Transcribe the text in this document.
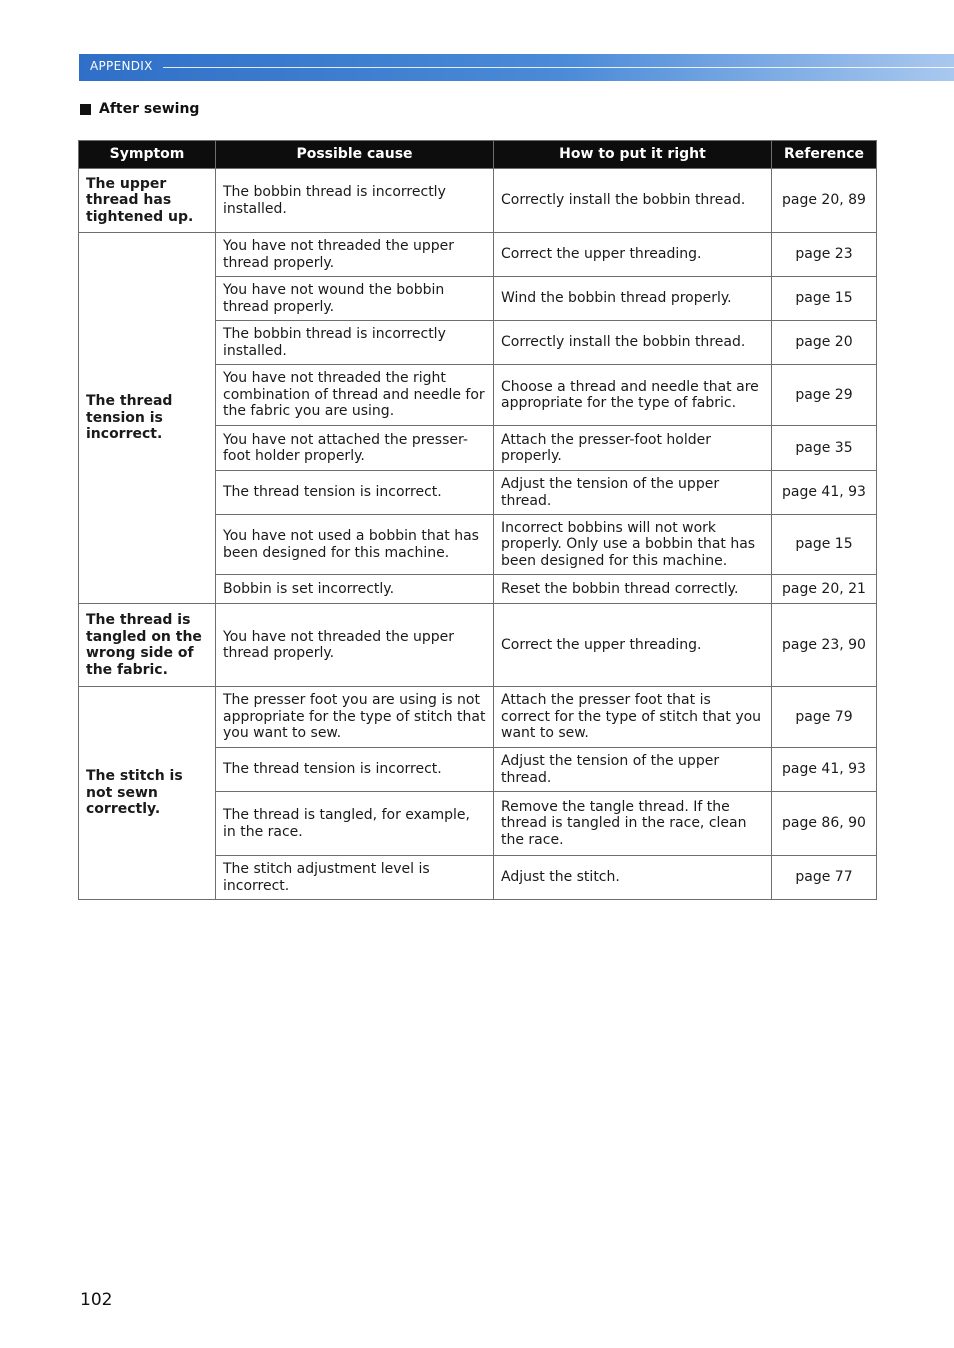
APPENDIX
After sewing
Symptom	Possible cause	How to put it right	Reference
The upper thread has tightened up.	The bobbin thread is incorrectly installed.	Correctly install the bobbin thread.	page 20, 89
The thread tension is incorrect.	You have not threaded the upper thread properly.	Correct the upper threading.	page 23
	You have not wound the bobbin thread properly.	Wind the bobbin thread properly.	page 15
	The bobbin thread is incorrectly installed.	Correctly install the bobbin thread.	page 20
	You have not threaded the right combination of thread and needle for the fabric you are using.	Choose a thread and needle that are appropriate for the type of fabric.	page 29
	You have not attached the presser-foot holder properly.	Attach the presser-foot holder properly.	page 35
	The thread tension is incorrect.	Adjust the tension of the upper thread.	page 41, 93
	You have not used a bobbin that has been designed for this machine.	Incorrect bobbins will not work properly. Only use a bobbin that has been designed for this machine.	page 15
	Bobbin is set incorrectly.	Reset the bobbin thread correctly.	page 20, 21
The thread is tangled on the wrong side of the fabric.	You have not threaded the upper thread properly.	Correct the upper threading.	page 23, 90
The stitch is not sewn correctly.	The presser foot you are using is not appropriate for the type of stitch that you want to sew.	Attach the presser foot that is correct for the type of stitch that you want to sew.	page 79
	The thread tension is incorrect.	Adjust the tension of the upper thread.	page 41, 93
	The thread is tangled, for example, in the race.	Remove the tangle thread. If the thread is tangled in the race, clean the race.	page 86, 90
	The stitch adjustment level is incorrect.	Adjust the stitch.	page 77
102
